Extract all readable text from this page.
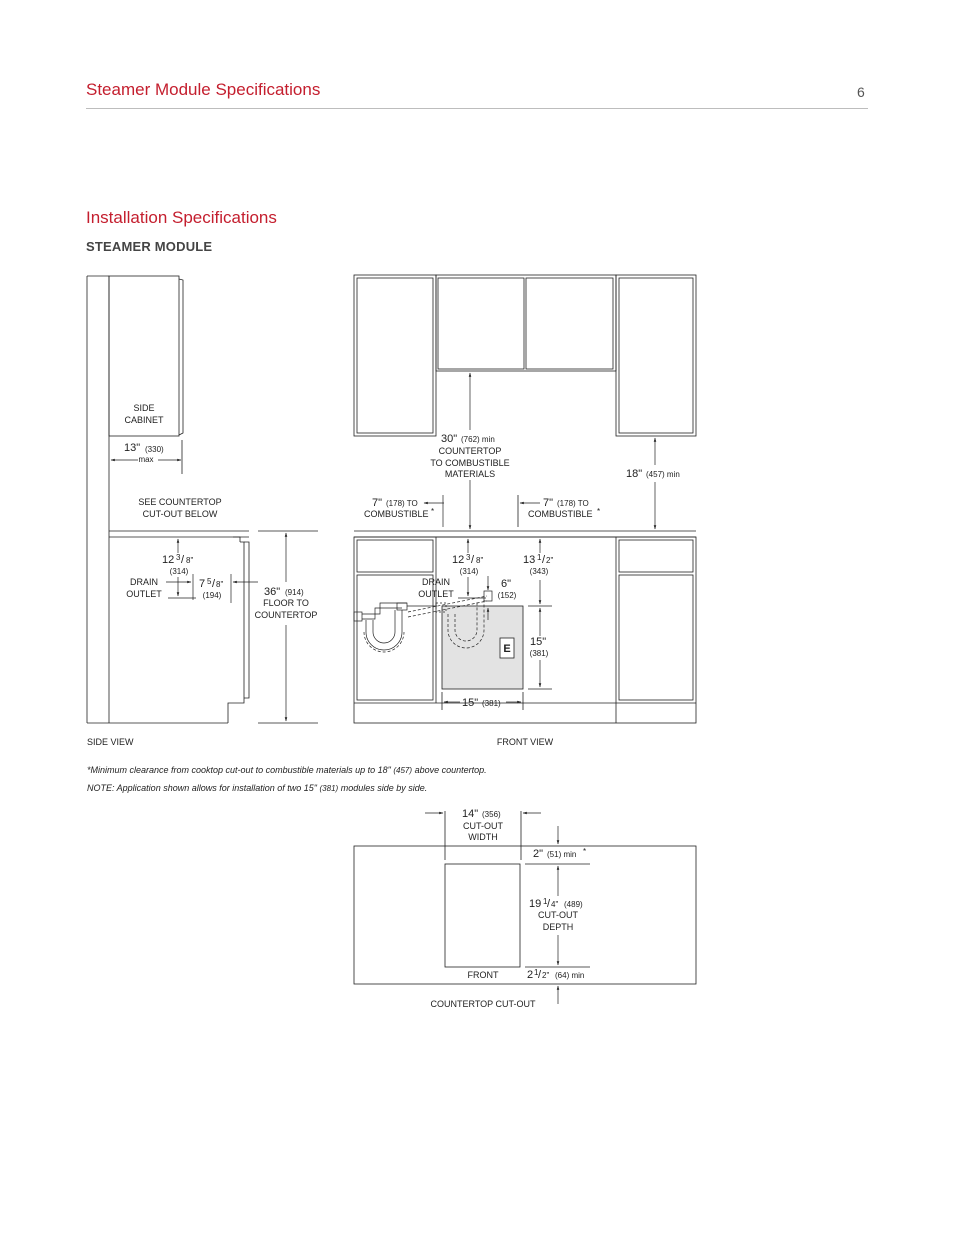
Steamer Module Specifications	6
Installation Specifications
STEAMER MODULE
SIDE
CABINET
13" (330)
max
SEE COUNTERTOP
CUT-OUT BELOW
12 3 / 8"
(314)
DRAIN
OUTLET
7 5 / 8"
(194)	36" (914)
FLOOR TO
COUNTERTOP
SIDE VIEW
30" (762) min
COUNTERTOP
TO COMBUSTIBLE
MATERIALS	18" (457) min
7" (178) TO
COMBUSTIBLE *
7" (178) TO
COMBUSTIBLE *
12 3 / 8"
(314)
13 1 / 2"
(343)
DRAIN
OUTLET
6"
(152)
E
15"
(381)
15" (381)
FRONT VIEW
14" (356)
CUT-OUT
WIDTH
2" (51) min *
19 1 / 4" (489)
CUT-OUT
DEPTH
FRONT	2 1 / 2" (64) min
COUNTERTOP CUT-OUT
*Minimum clearance from cooktop cut-out to combustible materials up to 18" (457) above countertop.
NOTE: Application shown allows for installation of two 15" (381) modules side by side.
